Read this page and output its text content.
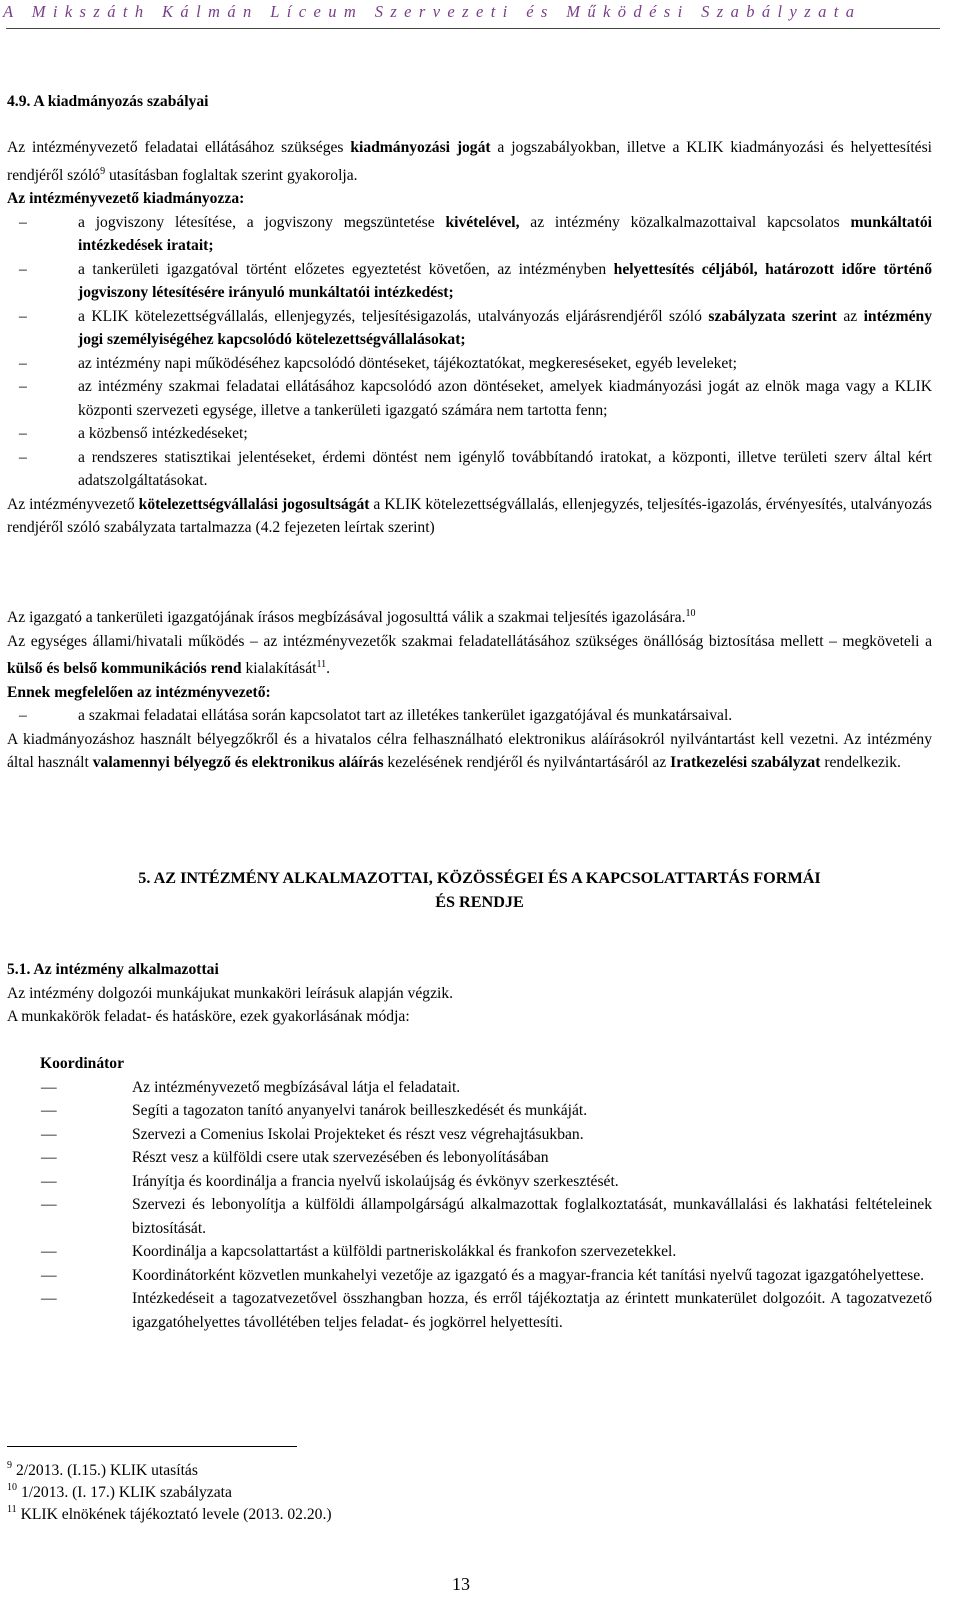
A Mikszáth Kálmán Líceum Szervezeti és Működési Szabályzata

4.9. A kiadmányozás szabályai

Az intézményvezető feladatai ellátásához szükséges kiadmányozási jogát a jogszabályokban, illetve a KLIK kiadmányozási és helyettesítési rendjéről szóló$^9$ utasításban foglaltak szerint gyakorolja.

Az intézményvezető kiadmányozza:

– a jogviszony létesítése, a jogviszony megszüntetése kivételével, az intézmény közalkalmazottaival kapcsolatos munkáltatói intézkedések iratait;
– a tankerületi igazgatóval történt előzetes egyeztetést követően, az intézményben helyettesítés céljából, határozott időre történő jogviszony létesítésére irányuló munkáltatói intézkedést;
– a KLIK kötelezettségvállalás, ellenjegyzés, teljesítésigazolás, utalványozás eljárásrendjéről szóló szabályzata szerint az intézmény jogi személyiségéhez kapcsolódó kötelezettségvállalásokat;
– az intézmény napi működéséhez kapcsolódó döntéseket, tájékoztatókat, megkereséseket, egyéb leveleket;
– az intézmény szakmai feladatai ellátásához kapcsolódó azon döntéseket, amelyek kiadmányozási jogát az elnök maga vagy a KLIK központi szervezeti egysége, illetve a tankerületi igazgató számára nem tartotta fenn;
– a közbenső intézkedéseket;
– a rendszeres statisztikai jelentéseket, érdemi döntést nem igénylő továbbítandó iratokat, a központi, illetve területi szerv által kért adatszolgáltatásokat.

Az intézményvezető kötelezettségvállalási jogosultságát a KLIK kötelezettségvállalás, ellenjegyzés, teljesítés-igazolás, érvényesítés, utalványozás rendjéről szóló szabályzata tartalmazza (4.2 fejezeten leírtak szerint)

Az igazgató a tankerületi igazgatójának írásos megbízásával jogosulttá válik a szakmai teljesítés igazolására.$^{10}$

Az egységes állami/hivatali működés – az intézményvezetők szakmai feladatellátásához szükséges önállóság biztosítása mellett – megköveteli a külső és belső kommunikációs rend kialakítását$^{11}$.

Ennek megfelelően az intézményvezető:

– a szakmai feladatai ellátása során kapcsolatot tart az illetékes tankerület igazgatójával és munkatársaival.

A kiadmányozáshoz használt bélyegzőkről és a hivatalos célra felhasználható elektronikus aláírásokról nyilvántartást kell vezetni. Az intézmény által használt valamennyi bélyegző és elektronikus aláírás kezelésének rendjéről és nyilvántartásáról az Iratkezelési szabályzat rendelkezik.

5. AZ INTÉZMÉNY ALKALMAZOTTAI, KÖZÖSSÉGEI ÉS A KAPCSOLATTARTÁS FORMÁI

ÉS RENDJE

5.1. Az intézmény alkalmazottai

Az intézmény dolgozói munkájukat munkaköri leírásuk alapján végzik.

A munkakörök feladat- és hatásköre, ezek gyakorlásának módja:

Koordinátor

— Az intézményvezető megbízásával látja el feladatait.
— Segíti a tagozaton tanító anyanyelvi tanárok beilleszkedését és munkáját.
— Szervezi a Comenius Iskolai Projekteket és részt vesz végrehajtásukban.
— Részt vesz a külföldi csere utak szervezésében és lebonyolításában
— Irányítja és koordinálja a francia nyelvű iskolaújság és évkönyv szerkesztését.
— Szervezi és lebonyolítja a külföldi állampolgárságú alkalmazottak foglalkoztatását, munkavállalási és lakhatási feltételeinek biztosítását.
— Koordinálja a kapcsolattartást a külföldi partneriskolákkal és frankofon szervezetekkel.
— Koordinátorként közvetlen munkahelyi vezetője az igazgató és a magyar-francia két tanítási nyelvű tagozat igazgatóhelyettese.
— Intézkedéseit a tagozatvezetővel összhangban hozza, és erről tájékoztatja az érintett munkaterület dolgozóit. A tagozatvezető igazgatóhelyettes távollétében teljes feladat- és jogkörrel helyettesíti.
$^9$ 2/2013. (I.15.) KLIK utasítás
$^{10}$ 1/2013. (I. 17.) KLIK szabályzata
$^{11}$ KLIK elnökének tájékoztató levele (2013. 02.20.)
13
